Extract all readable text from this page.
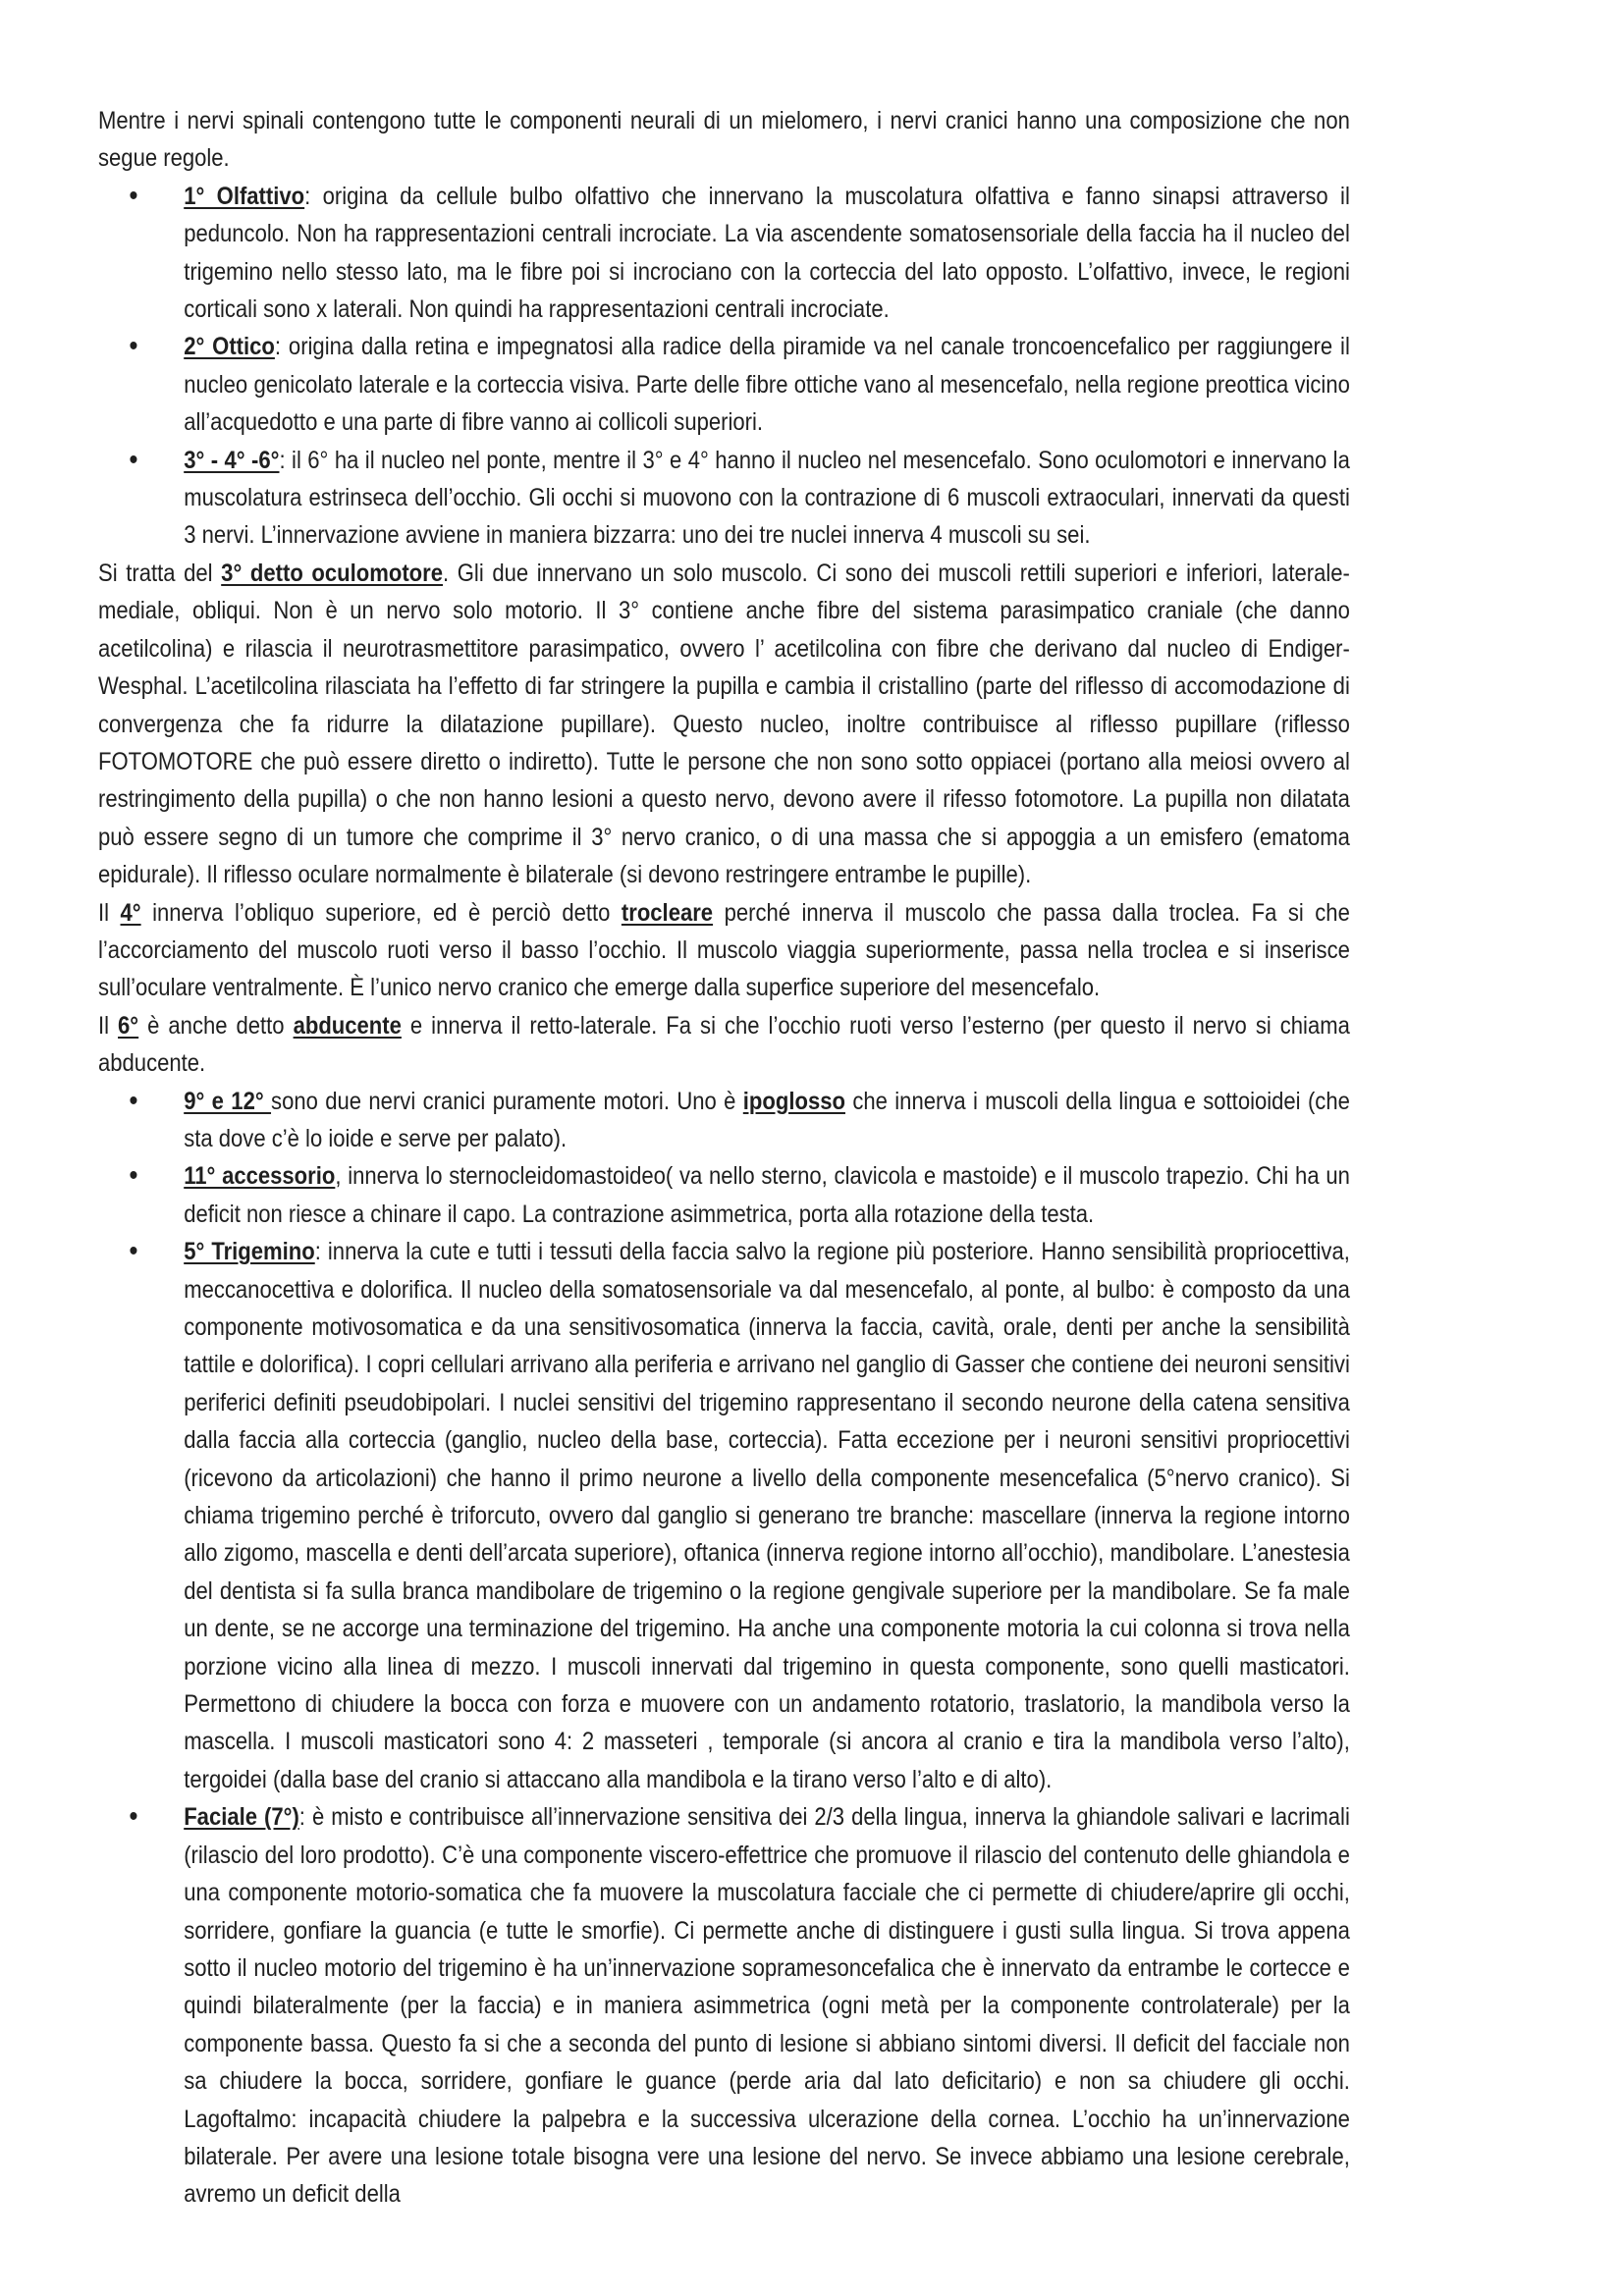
Mentre i nervi spinali contengono tutte le componenti neurali di un mielomero, i nervi cranici hanno una composizione che non segue regole.

• 1° Olfattivo: origina da cellule bulbo olfattivo che innervano la muscolatura olfattiva e fanno sinapsi attraverso il peduncolo. Non ha rappresentazioni centrali incrociate. La via ascendente somatosensoriale della faccia ha il nucleo del trigemino nello stesso lato, ma le fibre poi si incrociano con la corteccia del lato opposto. L’olfattivo, invece, le regioni corticali sono x laterali. Non quindi ha rappresentazioni centrali incrociate.

• 2° Ottico: origina dalla retina e impegnatosi alla radice della piramide va nel canale troncoencefalico per raggiungere il nucleo genicolato laterale e la corteccia visiva. Parte delle fibre ottiche vano al mesencefalo, nella regione preottica vicino all’acquedotto e una parte di fibre vanno ai collicoli superiori.

• 3° - 4° -6°: il 6° ha il nucleo nel ponte, mentre il 3° e 4° hanno il nucleo nel mesencefalo. Sono oculomotori e innervano la muscolatura estrinseca dell’occhio. Gli occhi si muovono con la contrazione di 6 muscoli extraoculari, innervati da questi 3 nervi. L’innervazione avviene in maniera bizzarra: uno dei tre nuclei innerva 4 muscoli su sei.

Si tratta del 3° detto oculomotore. Gli due innervano un solo muscolo. Ci sono dei muscoli rettili superiori e inferiori, laterale-mediale, obliqui. Non è un nervo solo motorio. Il 3° contiene anche fibre del sistema parasimpatico craniale (che danno acetilcolina) e rilascia il neurotrasmettitore parasimpatico, ovvero l’ acetilcolina con fibre che derivano dal nucleo di Endiger-Wesphal. L’acetilcolina rilasciata ha l’effetto di far stringere la pupilla e cambia il cristallino (parte del riflesso di accomodazione di convergenza che fa ridurre la dilatazione pupillare). Questo nucleo, inoltre contribuisce al riflesso pupillare (riflesso FOTOMOTORE che può essere diretto o indiretto). Tutte le persone che non sono sotto oppiacei (portano alla meiosi ovvero al restringimento della pupilla) o che non hanno lesioni a questo nervo, devono avere il rifesso fotomotore. La pupilla non dilatata può essere segno di un tumore che comprime il 3° nervo cranico, o di una massa che si appoggia a un emisfero (ematoma epidurale). Il riflesso oculare normalmente è bilaterale (si devono restringere entrambe le pupille).

Il 4° innerva l’obliquo superiore, ed è perciò detto trocleare perché innerva il muscolo che passa dalla troclea. Fa si che l’accorciamento del muscolo ruoti verso il basso l’occhio. Il muscolo viaggia superiormente, passa nella troclea e si inserisce sull’oculare ventralmente. È l’unico nervo cranico che emerge dalla superfice superiore del mesencefalo.

Il 6° è anche detto abducente e innerva il retto-laterale. Fa si che l’occhio ruoti verso l’esterno (per questo il nervo si chiama abducente.

• 9° e 12° sono due nervi cranici puramente motori. Uno è ipoglosso che innerva i muscoli della lingua e sottoioidei (che sta dove c’è lo ioide e serve per palato).

• 11° accessorio, innerva lo sternocleidomastoideo( va nello sterno, clavicola e mastoide) e il muscolo trapezio. Chi ha un deficit non riesce a chinare il capo. La contrazione asimmetrica, porta alla rotazione della testa.

• 5° Trigemino: innerva la cute e tutti i tessuti della faccia salvo la regione più posteriore. Hanno sensibilità propriocettiva, meccanocettiva e dolorifica. Il nucleo della somatosensoriale va dal mesencefalo, al ponte, al bulbo: è composto da una componente motivosomatica e da una sensitivosomatica (innerva la faccia, cavità, orale, denti per anche la sensibilità tattile e dolorifica). I copri cellulari arrivano alla periferia e arrivano nel ganglio di Gasser che contiene dei neuroni sensitivi periferici definiti pseudobipolari. I nuclei sensitivi del trigemino rappresentano il secondo neurone della catena sensitiva dalla faccia alla corteccia (ganglio, nucleo della base, corteccia). Fatta eccezione per i neuroni sensitivi propriocettivi (ricevono da articolazioni) che hanno il primo neurone a livello della componente mesencefalica (5°nervo cranico). Si chiama trigemino perché è triforcuto, ovvero dal ganglio si generano tre branche: mascellare (innerva la regione intorno allo zigomo, mascella e denti dell’arcata superiore), oftanica (innerva regione intorno all’occhio), mandibolare. L’anestesia del dentista si fa sulla branca mandibolare de trigemino o la regione gengivale superiore per la mandibolare. Se fa male un dente, se ne accorge una terminazione del trigemino. Ha anche una componente motoria la cui colonna si trova nella porzione vicino alla linea di mezzo. I muscoli innervati dal trigemino in questa componente, sono quelli masticatori. Permettono di chiudere la bocca con forza e muovere con un andamento rotatorio, traslatorio, la mandibola verso la mascella. I muscoli masticatori sono 4: 2 masseteri , temporale (si ancora al cranio e tira la mandibola verso l’alto), tergoidei (dalla base del cranio si attaccano alla mandibola e la tirano verso l’alto e di alto).

• Faciale (7°): è misto e contribuisce all’innervazione sensitiva dei 2/3 della lingua, innerva la ghiandole salivari e lacrimali (rilascio del loro prodotto). C’è una componente viscero-effettrice che promuove il rilascio del contenuto delle ghiandola e una componente motorio-somatica che fa muovere la muscolatura facciale che ci permette di chiudere/aprire gli occhi, sorridere, gonfiare la guancia (e tutte le smorfie). Ci permette anche di distinguere i gusti sulla lingua. Si trova appena sotto il nucleo motorio del trigemino è ha un’innervazione sopramesoncefalica che è innervato da entrambe le cortecce e quindi bilateralmente (per la faccia) e in maniera asimmetrica (ogni metà per la componente controlaterale) per la componente bassa. Questo fa si che a seconda del punto di lesione si abbiano sintomi diversi. Il deficit del facciale non sa chiudere la bocca, sorridere, gonfiare le guance (perde aria dal lato deficitario) e non sa chiudere gli occhi. Lagoftalmo: incapacità chiudere la palpebra e la successiva ulcerazione della cornea. L’occhio ha un’innervazione bilaterale. Per avere una lesione totale bisogna vere una lesione del nervo. Se invece abbiamo una lesione cerebrale, avremo un deficit della
